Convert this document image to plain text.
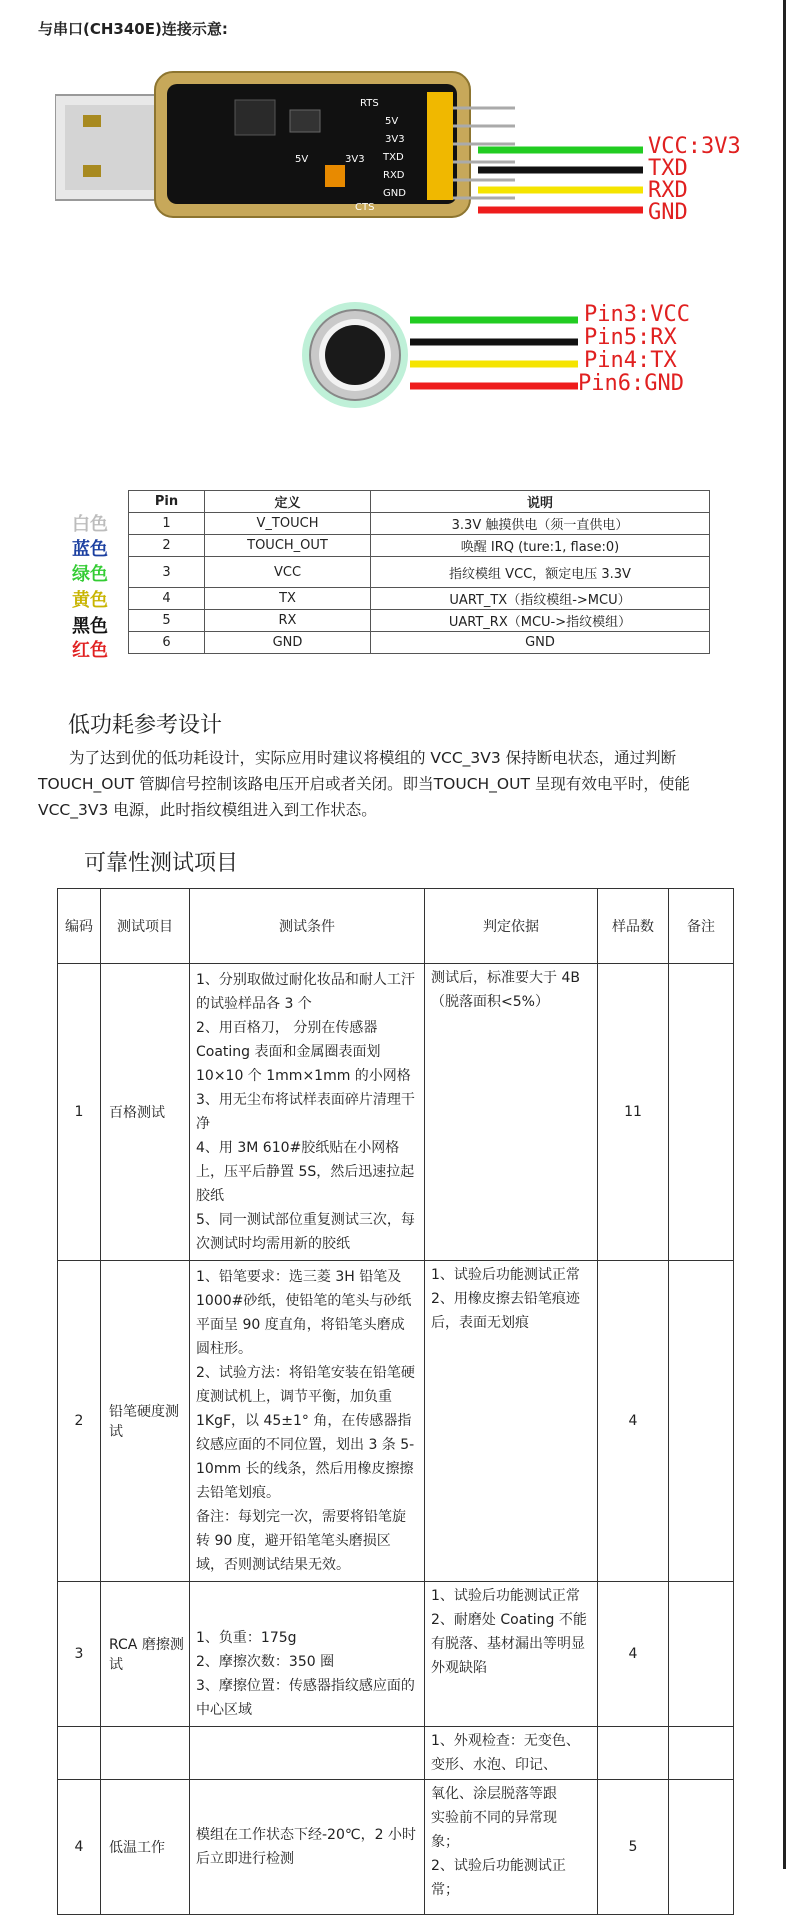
与串口(CH340E)连接示意:
RTS
5V
3V3
TXD
RXD
GND
5V	3V3
CTS
VCC:3V3
TXD
RXD
GND
Pin3:VCC
Pin5:RX
Pin4:TX
Pin6:GND
白色
蓝色
绿色
黄色
黑色
红色
Pin	定义	说明
1	V_TOUCH	3.3V 触摸供电（须一直供电）
2	TOUCH_OUT	唤醒 IRQ (ture:1, flase:0)
3	VCC	指纹模组 VCC，额定电压 3.3V
4	TX	UART_TX（指纹模组->MCU）
5	RX	UART_RX（MCU->指纹模组）
6	GND	GND
低功耗参考设计
为了达到优的低功耗设计，实际应用时建议将模组的 VCC_3V3 保持断电状态，通过判断TOUCH_OUT 管脚信号控制该路电压开启或者关闭。即当TOUCH_OUT 呈现有效电平时，使能 VCC_3V3 电源，此时指纹模组进入到工作状态。
可靠性测试项目
编码	测试项目	测试条件	判定依据	样品数	备注
1	百格测试	1、分别取做过耐化妆品和耐人工汗的试验样品各 3 个
2、用百格刀， 分别在传感器 Coating 表面和金属圈表面划 10×10 个 1mm×1mm 的小网格
3、用无尘布将试样表面碎片清理干净
4、用 3M 610#胶纸贴在小网格上，压平后静置 5S，然后迅速拉起胶纸
5、同一测试部位重复测试三次，每次测试时均需用新的胶纸	测试后，标准要大于 4B（脱落面积<5%）	11	
2	铅笔硬度测试	1、铅笔要求：选三菱 3H 铅笔及 1000#砂纸，使铅笔的笔头与砂纸平面呈 90 度直角，将铅笔头磨成圆柱形。
2、试验方法：将铅笔安装在铅笔硬度测试机上，调节平衡，加负重 1KgF，以 45±1° 角，在传感器指纹感应面的不同位置，划出 3 条 5-10mm 长的线条，然后用橡皮擦擦去铅笔划痕。
备注：每划完一次，需要将铅笔旋转 90 度，避开铅笔笔头磨损区域，否则测试结果无效。	1、试验后功能测试正常
2、用橡皮擦去铅笔痕迹后，表面无划痕	4	
3	RCA 磨擦测试	1、负重：175g
2、摩擦次数：350 圈
3、摩擦位置：传感器指纹感应面的中心区域	1、试验后功能测试正常
2、耐磨处 Coating 不能有脱落、基材漏出等明显外观缺陷	4	
			1、外观检查：无变色、变形、水泡、印记、		
4	低温工作	模组在工作状态下经-20℃，2 小时后立即进行检测	氧化、涂层脱落等跟
实验前不同的异常现
象；
2、试验后功能测试正
常；	5	
